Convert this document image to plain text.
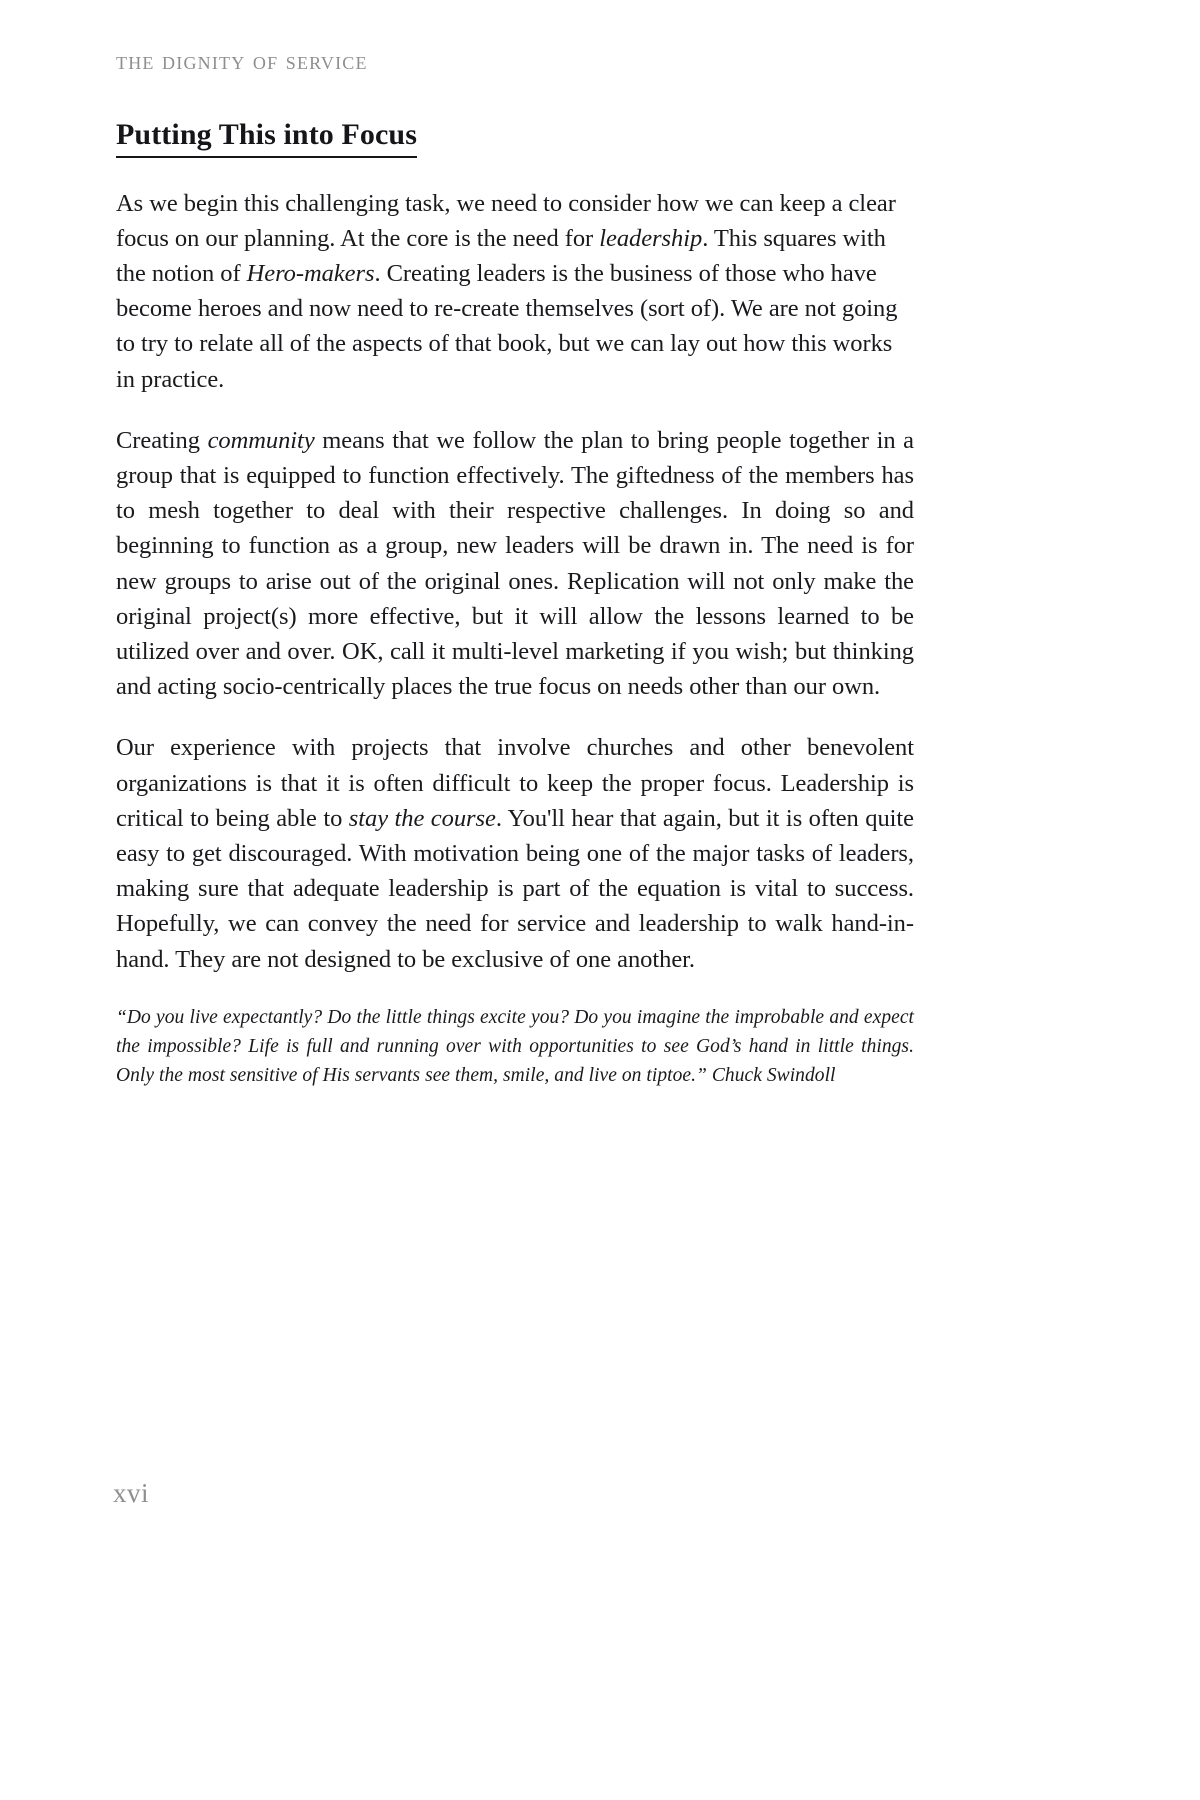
the dignity of service
Putting This into Focus

As we begin this challenging task, we need to consider how we can keep a clear focus on our planning. At the core is the need for leadership. This squares with the notion of Hero-makers. Creating leaders is the business of those who have become heroes and now need to re-create themselves (sort of). We are not going to try to relate all of the aspects of that book, but we can lay out how this works in practice.

Creating community means that we follow the plan to bring people together in a group that is equipped to function effectively. The giftedness of the members has to mesh together to deal with their respective challenges. In doing so and beginning to function as a group, new leaders will be drawn in. The need is for new groups to arise out of the original ones. Replication will not only make the original project(s) more effective, but it will allow the lessons learned to be utilized over and over. OK, call it multi-level marketing if you wish; but thinking and acting socio-centrically places the true focus on needs other than our own.

Our experience with projects that involve churches and other benevolent organizations is that it is often difficult to keep the proper focus. Leadership is critical to being able to stay the course. You'll hear that again, but it is often quite easy to get discouraged. With motivation being one of the major tasks of leaders, making sure that adequate leadership is part of the equation is vital to success. Hopefully, we can convey the need for service and leadership to walk hand-in-hand. They are not designed to be exclusive of one another.

“Do you live expectantly? Do the little things excite you? Do you imagine the improbable and expect the impossible? Life is full and running over with opportunities to see God’s hand in little things. Only the most sensitive of His servants see them, smile, and live on tiptoe.” Chuck Swindoll

xvi
